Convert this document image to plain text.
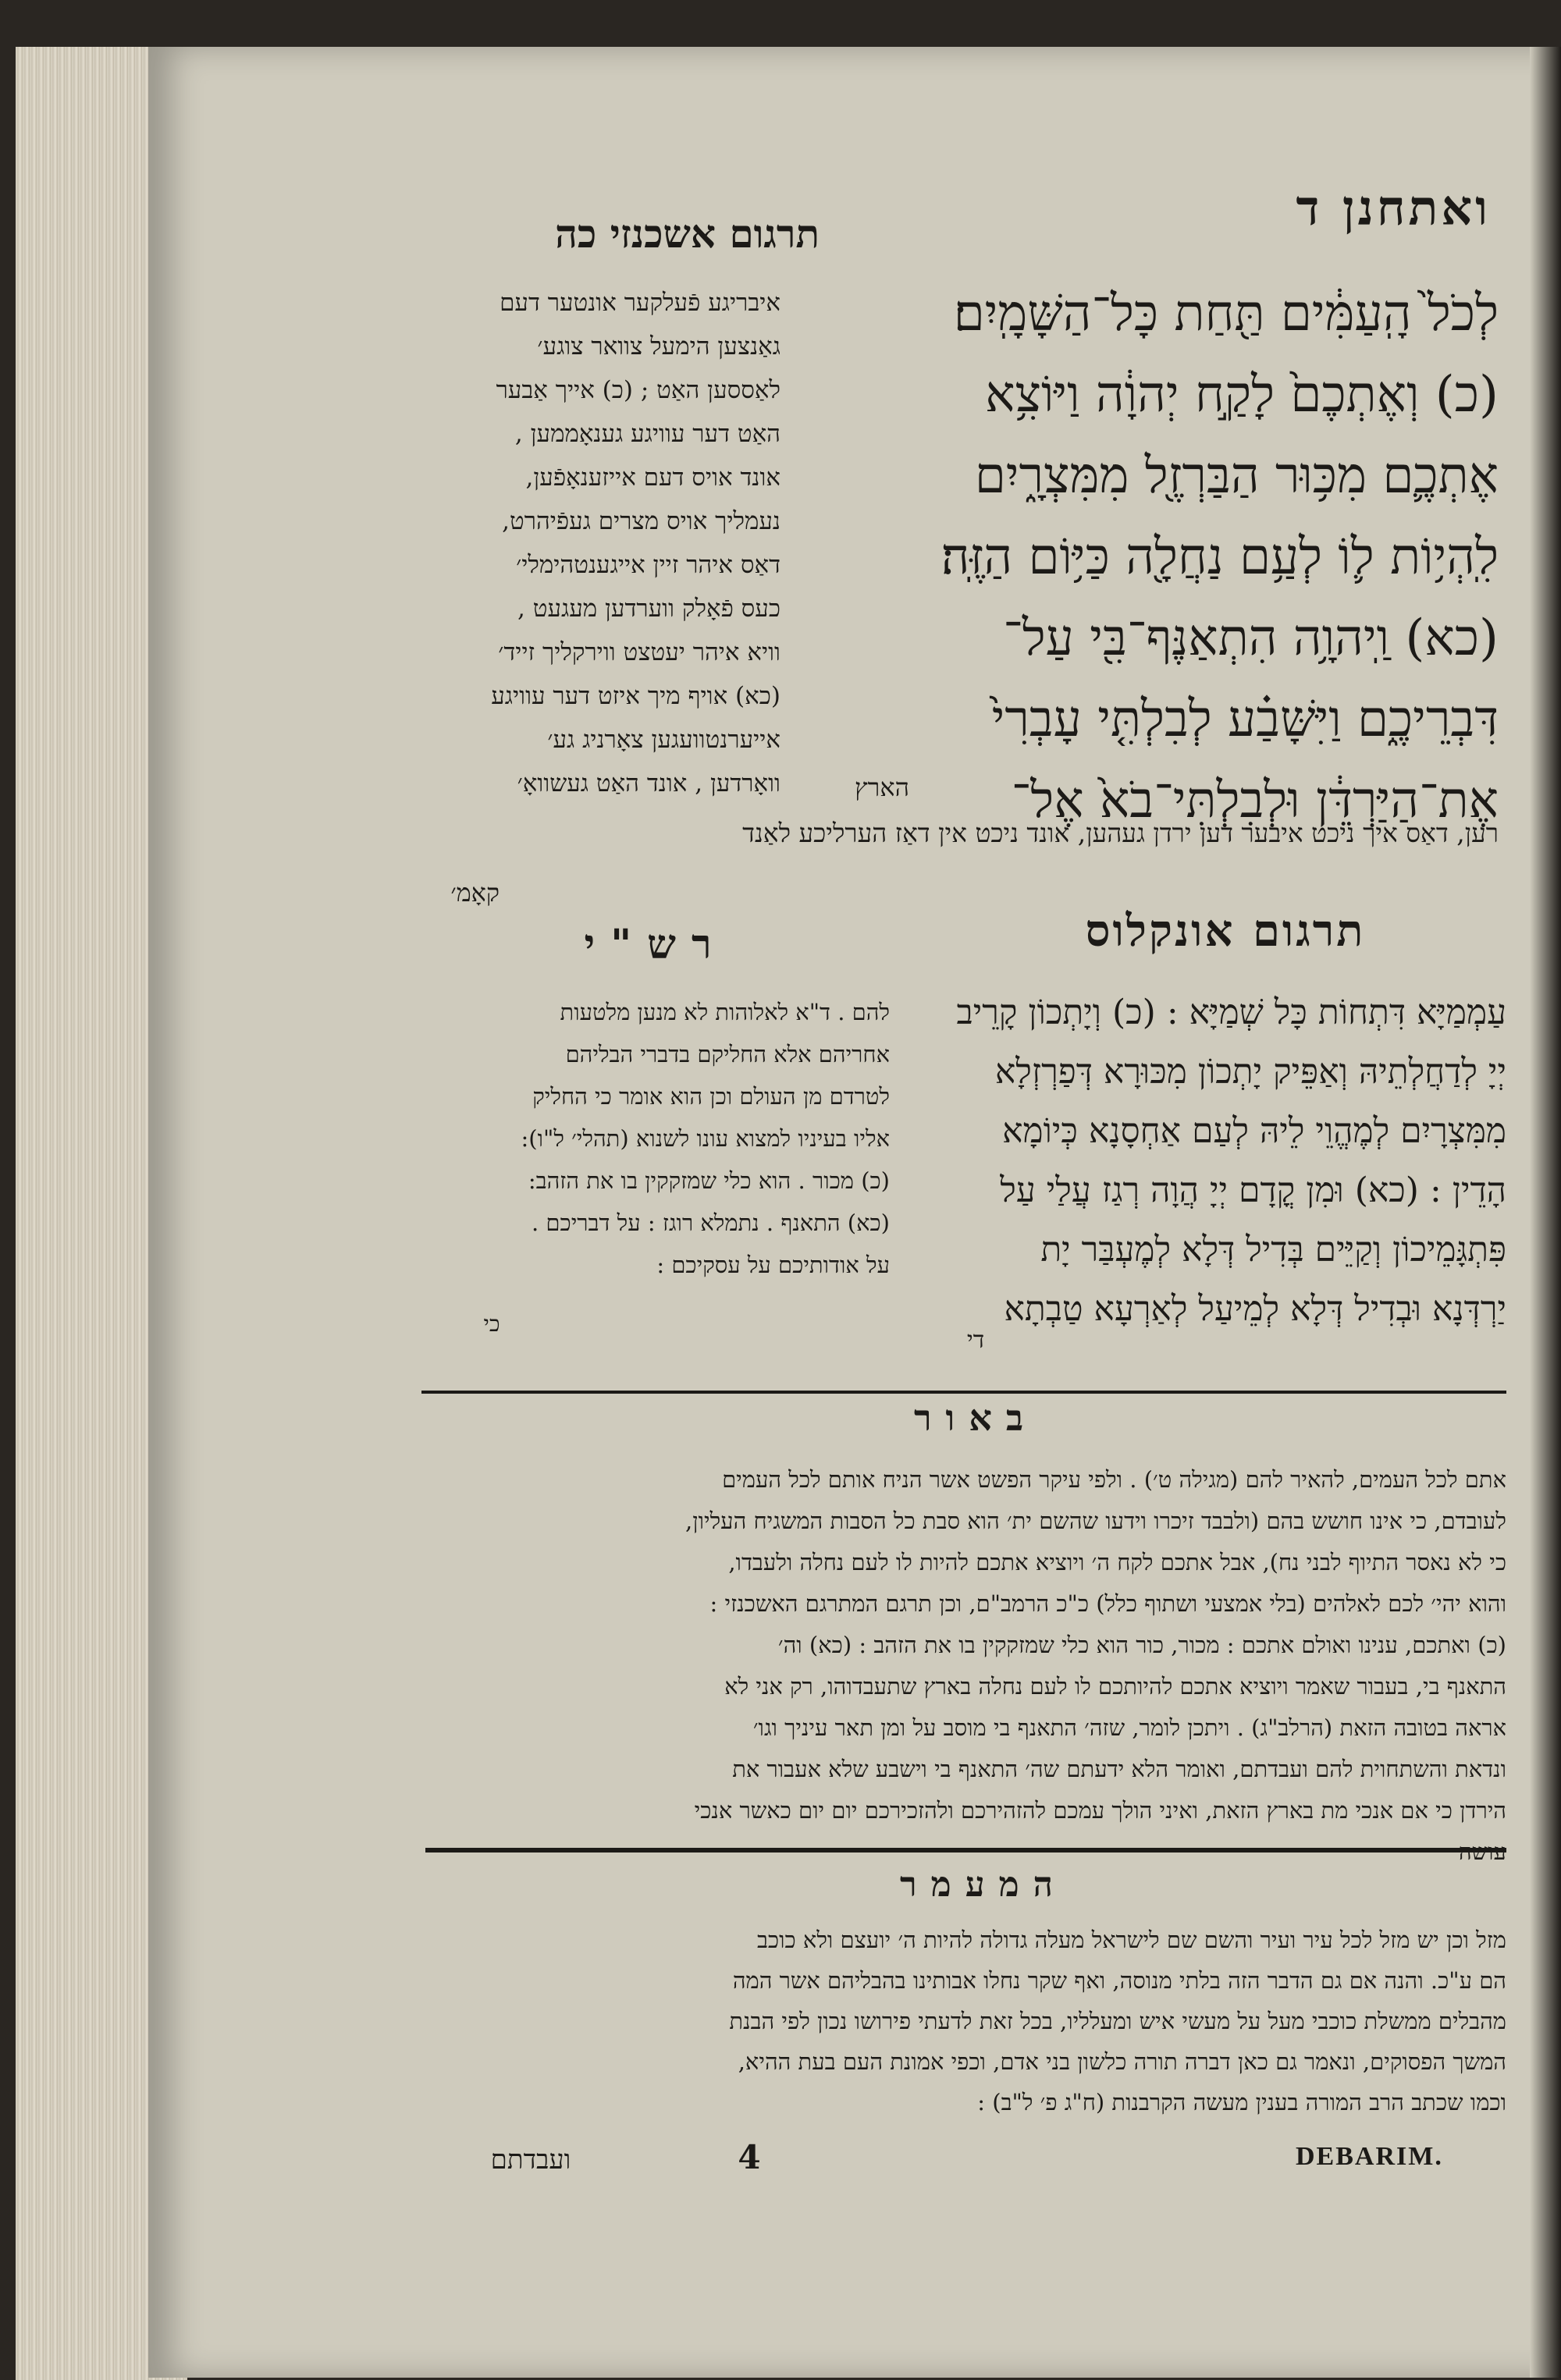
ואתחנן ד
תרגום אשכנזי כה
לְכֹל֙ הָֽעַמִּ֔ים תַּ֖חַת כָּל־הַשָּׁמָֽיִם׃
(כ) וְאֶתְכֶם֙ לָקַ֣ח יְהוָ֔ה וַיּוֹצִ֥א
אֶתְכֶ֛ם מִכּ֥וּר הַבַּרְזֶ֖ל מִמִּצְרָ֑יִם
לִֽהְי֥וֹת ל֛וֹ לְעַ֥ם נַחֲלָ֖ה כַּיּ֥וֹם הַזֶּֽה׃
(כא) וַֽיהוָ֥ה הִתְאַנֶּף־בִּ֖י עַל־
דִּבְרֵיכֶ֑ם וַיִּשָּׁבַ֗ע לְבִלְתִּ֤י עָבְרִי֙
אֶת־הַיַּרְדֵּ֔ן וּלְבִלְתִּי־בֹא֙ אֶל־
הארץ
איבריגע פֿעלקער אונטער דעם
גאַנצען הימעל צוואר צוגע׳
לאַססען האַט ; (כ) אייך אַבער
האַט דער עוויגע גענאָממען ,
אונד אויס דעם אייזענאָפֿען,
נעמליך אויס מצרים געפֿיהרט,
דאַס איהר זיין אייגענטהימלי׳
כעס פֿאָלק ווערדען מעגעט ,
וויא איהר יעטצט ווירקליך זייד׳
(כא) אויף מיך איזט דער עוויגע
אייערנטוועגען צאָרניג גע׳
וואָרדען , אונד האַט געשוואָ׳
רען, דאַס איך ניכט איבער דען ירדן געהען, אונד ניכט אין דאַז הערליכע לאַנד
קאָמ׳
תרגום אונקלוס
רש"י
עַמְמַיָּא דִּתְחוֹת כָּל שְׁמַיָּא : (כ) וְיָתְכוֹן קָרֵיב
יְיָ לְדַחֲלְתֵיהּ וְאַפֵּיק יָתְכוֹן מִכּוּרָא דְּפַרְזְלָא
מִמִּצְרָיִם לְמֶהֱוֵי לֵיהּ לְעַם אַחְסָנָא כְּיוֹמָא
הָדֵין : (כא) וּמִן קֳדָם יְיָ הֲוָה רְגַז עֲלַי עַל
פִּתְגָּמֵיכוֹן וְקַיֵּים בְּדִיל דְּלָא לְמֶעְבַּר יָת
יַרְדְּנָא וּבְדִיל דְּלָא לְמֵיעַל לְאַרְעָא טַבְתָא
די
להם . ד"א לאלוהות לא מנען מלטעות
אחריהם אלא החליקם בדברי הבליהם
לטרדם מן העולם וכן הוא אומר כי החליק
אליו בעיניו למצוא עונו לשנוא (תהלי׳ ל"ו):
(כ) מכור . הוא כלי שמזקקין בו את הזהב:
(כא) התאנף . נתמלא רוגז : על דבריכם .
על אודותיכם על עסקיכם :
כי
באור
אתם לכל העמים, להאיר להם (מגילה ט׳) . ולפי עיקר הפשט אשר הניח אותם לכל העמים
לעובדם, כי אינו חושש בהם (ולבבד זיכרו וידעו שהשם ית׳ הוא סבת כל הסבות המשגיח העליון,
כי לא נאסר התיוף לבני נח), אבל אתכם לקח ה׳ ויוציא אתכם להיות לו לעם נחלה ולעבדו,
והוא יהי׳ לכם לאלהים (בלי אמצעי ושתוף כלל) כ"כ הרמב"ם, וכן תרגם המתרגם האשכנזי :
(כ) ואתכם, ענינו ואולם אתכם : מכור, כור הוא כלי שמזקקין בו את הזהב : (כא) וה׳
התאנף בי, בעבור שאמר ויוציא אתכם להיותכם לו לעם נחלה בארץ שתעבדוהו, רק אני לא
אראה בטובה הזאת (הרלב"ג) . ויתכן לומר, שזה׳ התאנף בי מוסב על ומן תאר עיניך וגו׳
ונדאת והשתחוית להם ועבדתם, ואומר הלא ידעתם שה׳ התאנף בי וישבע שלא אעבור את
הירדן כי אם אנכי מת בארץ הזאת, ואיני הולך עמכם להזהירכם ולהזכירכם יום יום כאשר אנכי
המעמר
מזל וכן יש מזל לכל עיר ועיר והשם שם לישראל מעלה גדולה להיות ה׳ יועצם ולא כוכב
הם ע"כ. והנה אם גם הדבר הזה בלתי מנוסה, ואף שקר נחלו אבותינו בהבליהם אשר המה
מהבלים ממשלת כוכבי מעל על מעשי איש ומעלליו, בכל זאת לדעתי פירושו נכון לפי הבנת
המשך הפסוקים, ונאמר גם כאן דברה תורה כלשון בני אדם, וכפי אמונת העם בעת ההיא,
וכמו שכתב הרב המורה בענין מעשה הקרבנות (ח"ג פ׳ ל"ב) :
ועבדתם	4	DEBARIM.
